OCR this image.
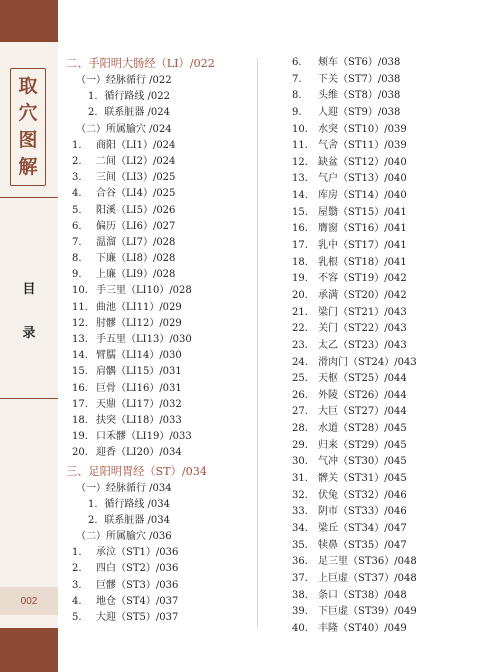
取
穴
图
解
目
录
002
二、手阳明大肠经（LI）/022
（一）经脉循行 /022
1．循行路线 /022
2．联系脏器 /024
（二）所属腧穴 /024
1.	商阳（LI1）/024
2.	二间（LI2）/024
3.	三间（LI3）/025
4.	合谷（LI4）/025
5.	阳溪（LI5）/026
6.	偏历（LI6）/027
7.	温溜（LI7）/028
8.	下廉（LI8）/028
9.	上廉（LI9）/028
10. 手三里（LI10）/028
11. 曲池（LI11）/029
12. 肘髎（LI12）/029
13. 手五里（LI13）/030
14. 臂臑（LI14）/030
15. 肩髃（LI15）/031
16. 巨骨（LI16）/031
17. 天鼎（LI17）/032
18. 扶突（LI18）/033
19. 口禾髎（LI19）/033
20. 迎香（LI20）/034
三、足阳明胃经（ST）/034
（一）经脉循行 /034
1．循行路线 /034
2．联系脏器 /034
（二）所属腧穴 /036
1.	承泣（ST1）/036
2.	四白（ST2）/036
3.	巨髎（ST3）/036
4.	地仓（ST4）/037
5.	大迎（ST5）/037
6.	颊车（ST6）/038
7.	下关（ST7）/038
8.	头维（ST8）/038
9.	人迎（ST9）/038
10.	水突（ST10）/039
11.	气舍（ST11）/039
12.	缺盆（ST12）/040
13.	气户（ST13）/040
14.	库房（ST14）/040
15.	屋翳（ST15）/041
16.	膺窗（ST16）/041
17.	乳中（ST17）/041
18.	乳根（ST18）/041
19.	不容（ST19）/042
20.	承满（ST20）/042
21.	梁门（ST21）/043
22.	关门（ST22）/043
23.	太乙（ST23）/043
24.	滑肉门（ST24）/043
25.	天枢（ST25）/044
26.	外陵（ST26）/044
27.	大巨（ST27）/044
28.	水道（ST28）/045
29.	归来（ST29）/045
30.	气冲（ST30）/045
31.	髀关（ST31）/045
32.	伏兔（ST32）/046
33.	阴市（ST33）/046
34.	梁丘（ST34）/047
35.	犊鼻（ST35）/047
36.	足三里（ST36）/048
37.	上巨虚（ST37）/048
38.	条口（ST38）/048
39.	下巨虚（ST39）/049
40.	丰隆（ST40）/049
